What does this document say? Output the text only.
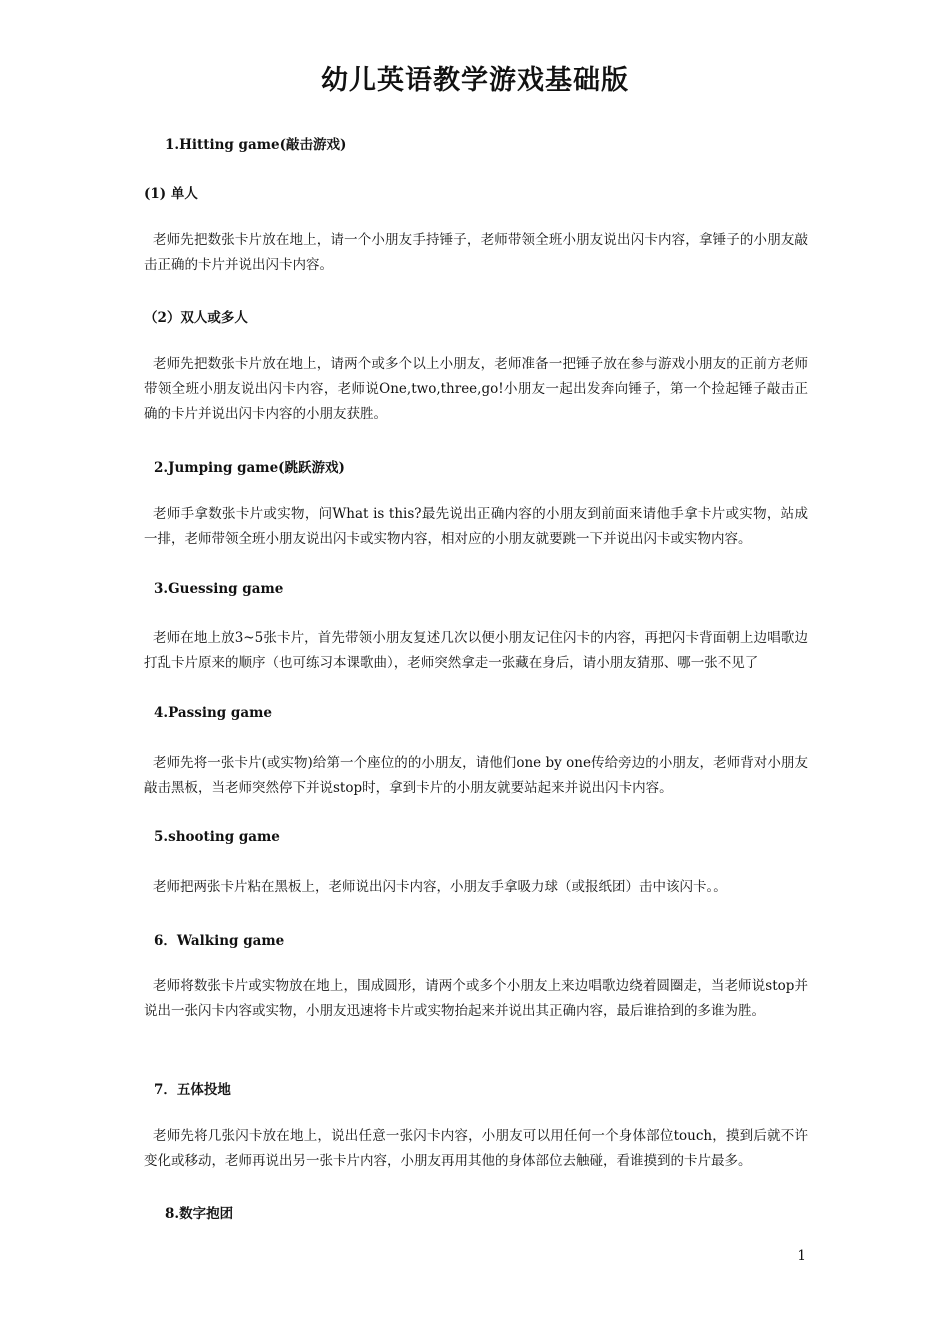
幼儿英语教学游戏基础版

1.Hitting game(敲击游戏)

(1) 单人

老师先把数张卡片放在地上，请一个小朋友手持锤子，老师带领全班小朋友说出闪卡内容，拿锤子的小朋友敲击正确的卡片并说出闪卡内容。

（2）双人或多人

老师先把数张卡片放在地上，请两个或多个以上小朋友，老师准备一把锤子放在参与游戏小朋友的正前方老师带领全班小朋友说出闪卡内容，老师说One,two,three,go!小朋友一起出发奔向锤子，第一个捡起锤子敲击正确的卡片并说出闪卡内容的小朋友获胜。

2.Jumping game(跳跃游戏)

老师手拿数张卡片或实物，问What is this?最先说出正确内容的小朋友到前面来请他手拿卡片或实物，站成一排，老师带领全班小朋友说出闪卡或实物内容，相对应的小朋友就要跳一下并说出闪卡或实物内容。

3.Guessing game

老师在地上放3~5张卡片，首先带领小朋友复述几次以便小朋友记住闪卡的内容，再把闪卡背面朝上边唱歌边打乱卡片原来的顺序（也可练习本课歌曲），老师突然拿走一张藏在身后，请小朋友猜那、哪一张不见了

4.Passing game

老师先将一张卡片(或实物)给第一个座位的的小朋友，请他们one by one传给旁边的小朋友，老师背对小朋友敲击黑板，当老师突然停下并说stop时，拿到卡片的小朋友就要站起来并说出闪卡内容。

5.shooting game

老师把两张卡片粘在黑板上，老师说出闪卡内容，小朋友手拿吸力球（或报纸团）击中该闪卡。。

6．Walking game

老师将数张卡片或实物放在地上，围成圆形，请两个或多个小朋友上来边唱歌边绕着圆圈走，当老师说stop并说出一张闪卡内容或实物，小朋友迅速将卡片或实物抬起来并说出其正确内容，最后谁拾到的多谁为胜。

7．五体投地

老师先将几张闪卡放在地上，说出任意一张闪卡内容，小朋友可以用任何一个身体部位touch，摸到后就不许变化或移动，老师再说出另一张卡片内容，小朋友再用其他的身体部位去触碰，看谁摸到的卡片最多。

8.数字抱团

1
